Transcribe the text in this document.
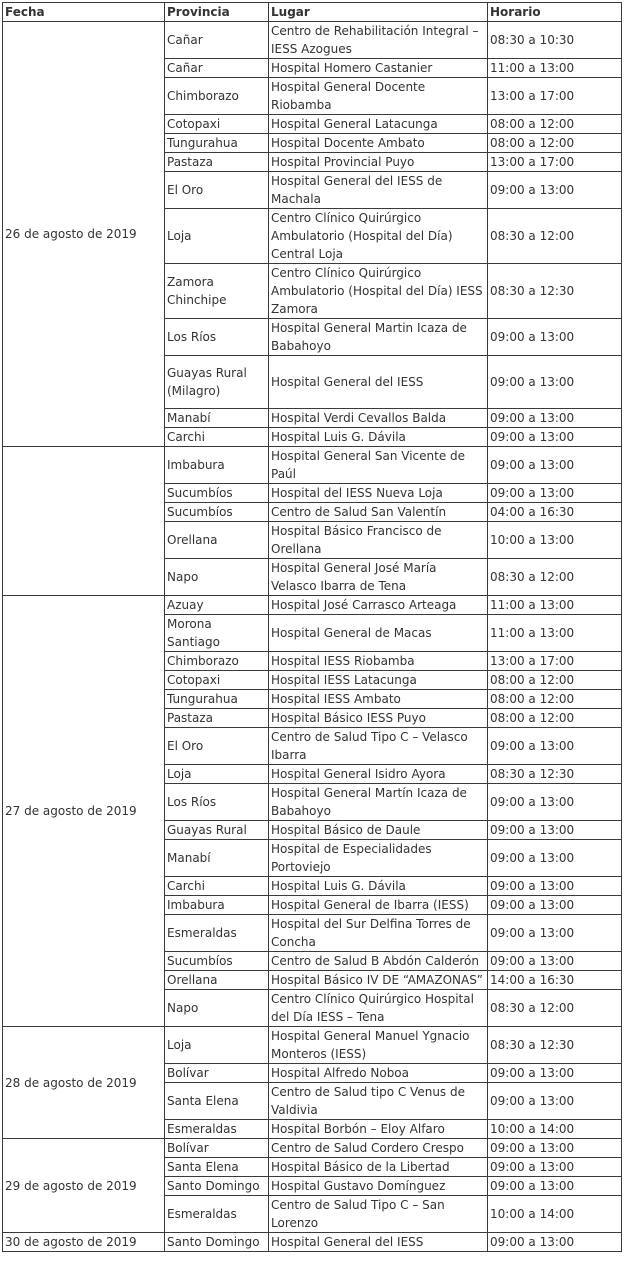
Fecha	Provincia	Lugar	Horario
26 de agosto de 2019	Cañar	Centro de Rehabilitación Integral – IESS Azogues	08:30 a 10:30
	Cañar	Hospital Homero Castanier	11:00 a 13:00
	Chimborazo	Hospital General Docente Riobamba	13:00 a 17:00
	Cotopaxi	Hospital General Latacunga	08:00 a 12:00
	Tungurahua	Hospital Docente Ambato	08:00 a 12:00
	Pastaza	Hospital Provincial Puyo	13:00 a 17:00
	El Oro	Hospital General del IESS de Machala	09:00 a 13:00
	Loja	Centro Clínico Quirúrgico Ambulatorio (Hospital del Día) Central Loja	08:30 a 12:00
	Zamora Chinchipe	Centro Clínico Quirúrgico Ambulatorio (Hospital del Día) IESS Zamora	08:30 a 12:30
	Los Ríos	Hospital General Martin Icaza de Babahoyo	09:00 a 13:00
	Guayas Rural (Milagro)	Hospital General del IESS	09:00 a 13:00
	Manabí	Hospital Verdi Cevallos Balda	09:00 a 13:00
	Carchi	Hospital Luis G. Dávila	09:00 a 13:00
	Imbabura	Hospital General San Vicente de Paúl	09:00 a 13:00
	Sucumbíos	Hospital del IESS Nueva Loja	09:00 a 13:00
	Sucumbíos	Centro de Salud San Valentín	04:00 a 16:30
	Orellana	Hospital Básico Francisco de Orellana	10:00 a 13:00
	Napo	Hospital General José María Velasco Ibarra de Tena	08:30 a 12:00
27 de agosto de 2019	Azuay	Hospital José Carrasco Arteaga	11:00 a 13:00
	Morona Santiago	Hospital General de Macas	11:00 a 13:00
	Chimborazo	Hospital IESS Riobamba	13:00 a 17:00
	Cotopaxi	Hospital IESS Latacunga	08:00 a 12:00
	Tungurahua	Hospital IESS Ambato	08:00 a 12:00
	Pastaza	Hospital Básico IESS Puyo	08:00 a 12:00
	El Oro	Centro de Salud Tipo C – Velasco Ibarra	09:00 a 13:00
	Loja	Hospital General Isidro Ayora	08:30 a 12:30
	Los Ríos	Hospital General Martín Icaza de Babahoyo	09:00 a 13:00
	Guayas Rural	Hospital Básico de Daule	09:00 a 13:00
	Manabí	Hospital de Especialidades Portoviejo	09:00 a 13:00
	Carchi	Hospital Luis G. Dávila	09:00 a 13:00
	Imbabura	Hospital General de Ibarra (IESS)	09:00 a 13:00
	Esmeraldas	Hospital del Sur Delfina Torres de Concha	09:00 a 13:00
	Sucumbíos	Centro de Salud B Abdón Calderón	09:00 a 13:00
	Orellana	Hospital Básico IV DE “AMAZONAS”	14:00 a 16:30
	Napo	Centro Clínico Quirúrgico Hospital del Día IESS – Tena	08:30 a 12:00
28 de agosto de 2019	Loja	Hospital General Manuel Ygnacio Monteros (IESS)	08:30 a 12:30
	Bolívar	Hospital Alfredo Noboa	09:00 a 13:00
	Santa Elena	Centro de Salud tipo C Venus de Valdivia	09:00 a 13:00
	Esmeraldas	Hospital Borbón – Eloy Alfaro	10:00 a 14:00
29 de agosto de 2019	Bolívar	Centro de Salud Cordero Crespo	09:00 a 13:00
	Santa Elena	Hospital Básico de la Libertad	09:00 a 13:00
	Santo Domingo	Hospital Gustavo Domínguez	09:00 a 13:00
	Esmeraldas	Centro de Salud Tipo C – San Lorenzo	10:00 a 14:00
30 de agosto de 2019	Santo Domingo	Hospital General del IESS	09:00 a 13:00
